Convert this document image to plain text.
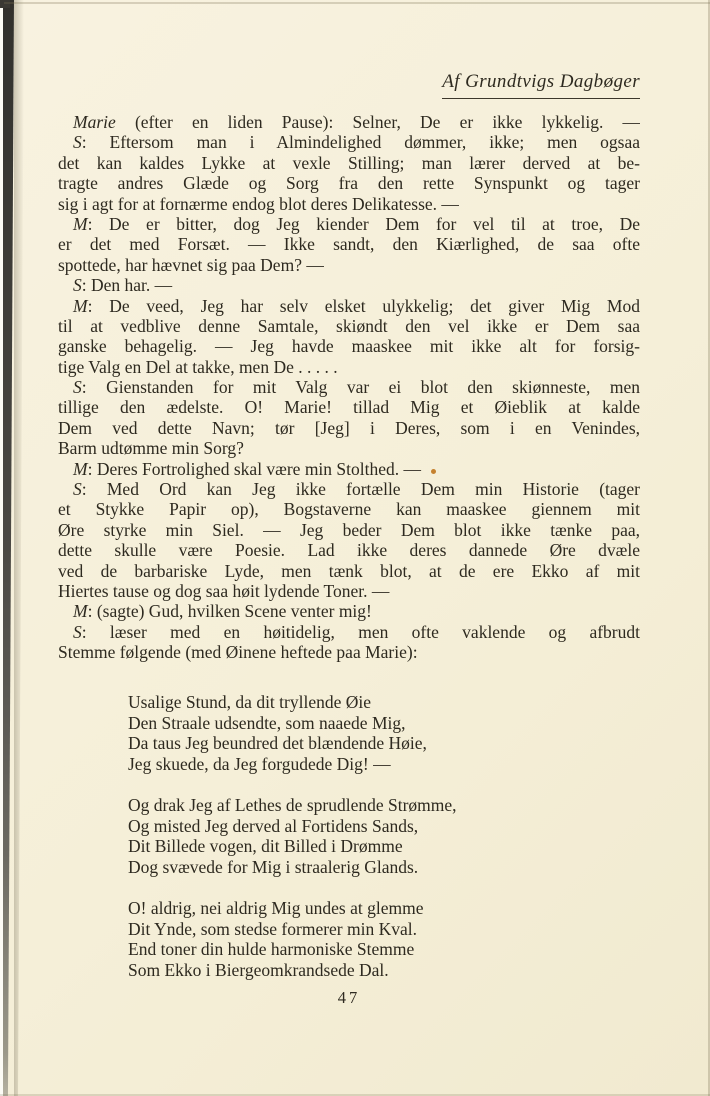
Af Grundtvigs Dagbøger
Marie (efter en liden Pause): Selner, De er ikke lykkelig. —
S: Eftersom man i Almindelighed dømmer, ikke; men ogsaa
det kan kaldes Lykke at vexle Stilling; man lærer derved at be-
tragte andres Glæde og Sorg fra den rette Synspunkt og tager
sig i agt for at fornærme endog blot deres Delikatesse. —
M: De er bitter, dog Jeg kiender Dem for vel til at troe, De
er det med Forsæt. — Ikke sandt, den Kiærlighed, de saa ofte
spottede, har hævnet sig paa Dem? —
S: Den har. —
M: De veed, Jeg har selv elsket ulykkelig; det giver Mig Mod
til at vedblive denne Samtale, skiøndt den vel ikke er Dem saa
ganske behagelig. — Jeg havde maaskee mit ikke alt for forsig-
tige Valg en Del at takke, men De . . . . .
S: Gienstanden for mit Valg var ei blot den skiønneste, men
tillige den ædelste. O! Marie! tillad Mig et Øieblik at kalde
Dem ved dette Navn; tør [Jeg] i Deres, som i en Venindes,
Barm udtømme min Sorg?
M: Deres Fortrolighed skal være min Stolthed. —
S: Med Ord kan Jeg ikke fortælle Dem min Historie (tager
et Stykke Papir op), Bogstaverne kan maaskee giennem mit
Øre styrke min Siel. — Jeg beder Dem blot ikke tænke paa,
dette skulle være Poesie. Lad ikke deres dannede Øre dvæle
ved de barbariske Lyde, men tænk blot, at de ere Ekko af mit
Hiertes tause og dog saa høit lydende Toner. —
M: (sagte) Gud, hvilken Scene venter mig!
S: læser med en høitidelig, men ofte vaklende og afbrudt
Stemme følgende (med Øinene heftede paa Marie):
Usalige Stund, da dit tryllende Øie
Den Straale udsendte, som naaede Mig,
Da taus Jeg beundred det blændende Høie,
Jeg skuede, da Jeg forgudede Dig! —
Og drak Jeg af Lethes de sprudlende Strømme,
Og misted Jeg derved al Fortidens Sands,
Dit Billede vogen, dit Billed i Drømme
Dog svævede for Mig i straalerig Glands.
O! aldrig, nei aldrig Mig undes at glemme
Dit Ynde, som stedse formerer min Kval.
End toner din hulde harmoniske Stemme
Som Ekko i Biergeomkrandsede Dal.
47
